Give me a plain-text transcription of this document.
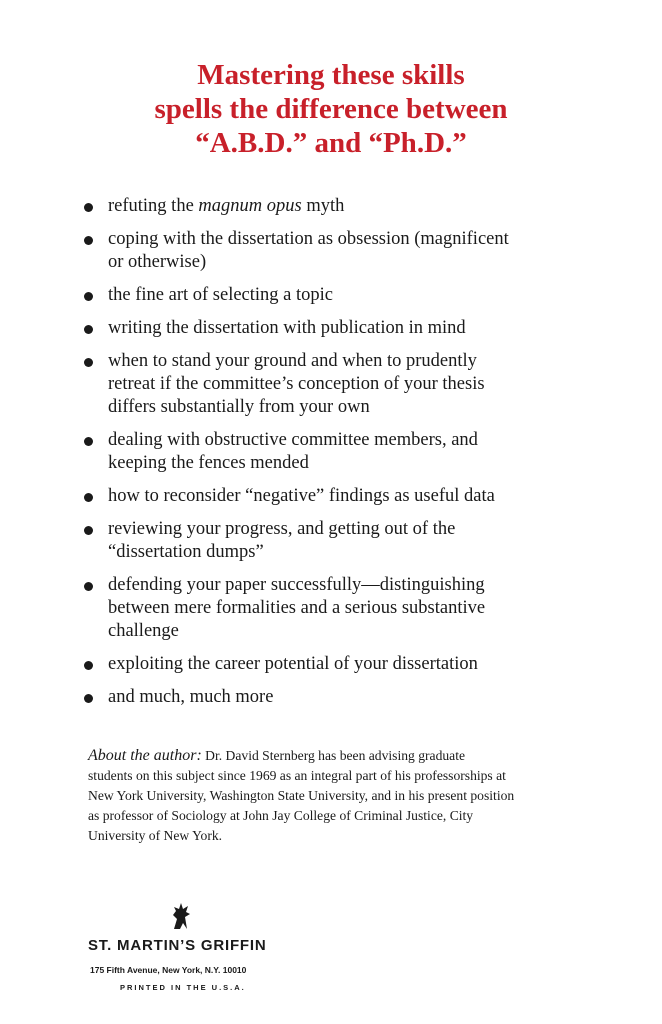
Mastering these skills
spells the difference between
“A.B.D.” and “Ph.D.”
refuting the magnum opus myth
coping with the dissertation as obsession (magnificent
or otherwise)
the fine art of selecting a topic
writing the dissertation with publication in mind
when to stand your ground and when to prudently
retreat if the committee’s conception of your thesis
differs substantially from your own
dealing with obstructive committee members, and
keeping the fences mended
how to reconsider “negative” findings as useful data
reviewing your progress, and getting out of the
“dissertation dumps”
defending your paper successfully—distinguishing
between mere formalities and a serious substantive
challenge
exploiting the career potential of your dissertation
and much, much more
About the author: Dr. David Sternberg has been advising graduate
students on this subject since 1969 as an integral part of his professorships at
New York University, Washington State University, and in his present position
as professor of Sociology at John Jay College of Criminal Justice, City
University of New York.
ST. MARTIN’S GRIFFIN
175 Fifth Avenue, New York, N.Y. 10010
PRINTED IN THE U.S.A.
